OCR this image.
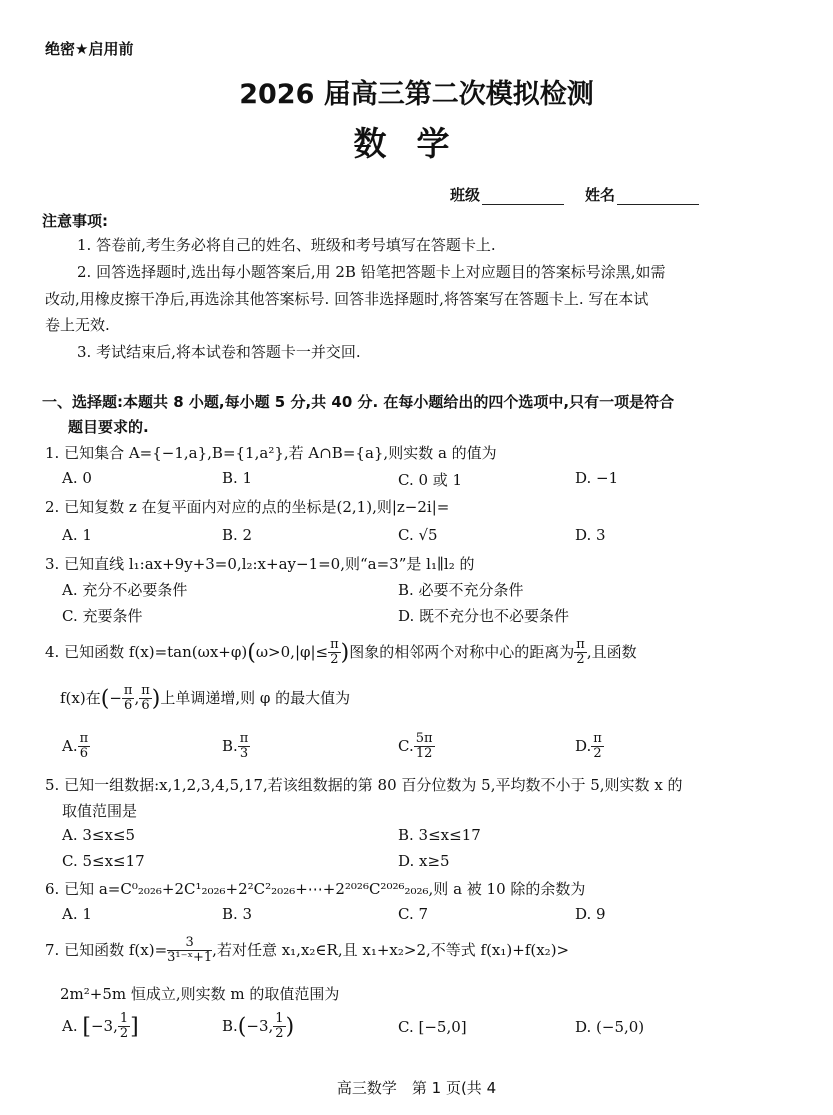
绝密★启用前
2026 届高三第二次模拟检测
数学
班级	姓名
注意事项:
1. 答卷前,考生务必将自己的姓名、班级和考号填写在答题卡上.
2. 回答选择题时,选出每小题答案后,用 2B 铅笔把答题卡上对应题目的答案标号涂黑,如需
改动,用橡皮擦干净后,再选涂其他答案标号. 回答非选择题时,将答案写在答题卡上. 写在本试
卷上无效.
3. 考试结束后,将本试卷和答题卡一并交回.
一、选择题:本题共 8 小题,每小题 5 分,共 40 分. 在每小题给出的四个选项中,只有一项是符合
题目要求的.
1. 已知集合 A={−1,a},B={1,a²},若 A∩B={a},则实数 a 的值为
A. 0	B. 1	C. 0 或 1	D. −1
2. 已知复数 z 在复平面内对应的点的坐标是(2,1),则|z−2i|=
A. 1	B. 2	C. √5	D. 3
3. 已知直线 l₁:ax+9y+3=0,l₂:x+ay−1=0,则“a=3”是 l₁∥l₂ 的
A. 充分不必要条件	B. 必要不充分条件
C. 充要条件	D. 既不充分也不必要条件
4. 已知函数 $f(x)=\tan(\omega x+\varphi)(\omega>0,|\varphi|\le \frac{\pi}{2}$ )图象的相邻两个对称中心的距离为 $\frac{\pi}{2}$ ,且函数
f(x)在(− $\frac{\pi}{6}$ , $\frac{\pi}{6}$ )上单调递增,则 φ 的最大值为
A. $\frac{\pi}{6}$	B. $\frac{\pi}{3}$	C. $\frac{5\pi}{12}$	D. $\frac{\pi}{2}$
5. 已知一组数据:x,1,2,3,4,5,17,若该组数据的第 80 百分位数为 5,平均数不小于 5,则实数 x 的
取值范围是
A. 3≤x≤5	B. 3≤x≤17
C. 5≤x≤17	D. x≥5
6. 已知 a=C⁰₂₀₂₆+2C¹₂₀₂₆+2²C²₂₀₂₆+⋯+2²⁰²⁶C²⁰²⁶₂₀₂₆,则 a 被 10 除的余数为
A. 1	B. 3	C. 7	D. 9
7. 已知函数 $f(x)= \frac{3}{\text{3¹⁻ˣ+1}}$ ,若对任意 x₁,x₂∈R,且 x₁+x₂>2,不等式 f(x₁)+f(x₂)>
2m²+5m 恒成立,则实数 m 的取值范围为
A. [−3, $\frac{1}{2}$ ]	B.(−3, $\frac{1}{2}$ )	C. [−5,0]	D. (−5,0)
高三数学　第 1 页(共 4
